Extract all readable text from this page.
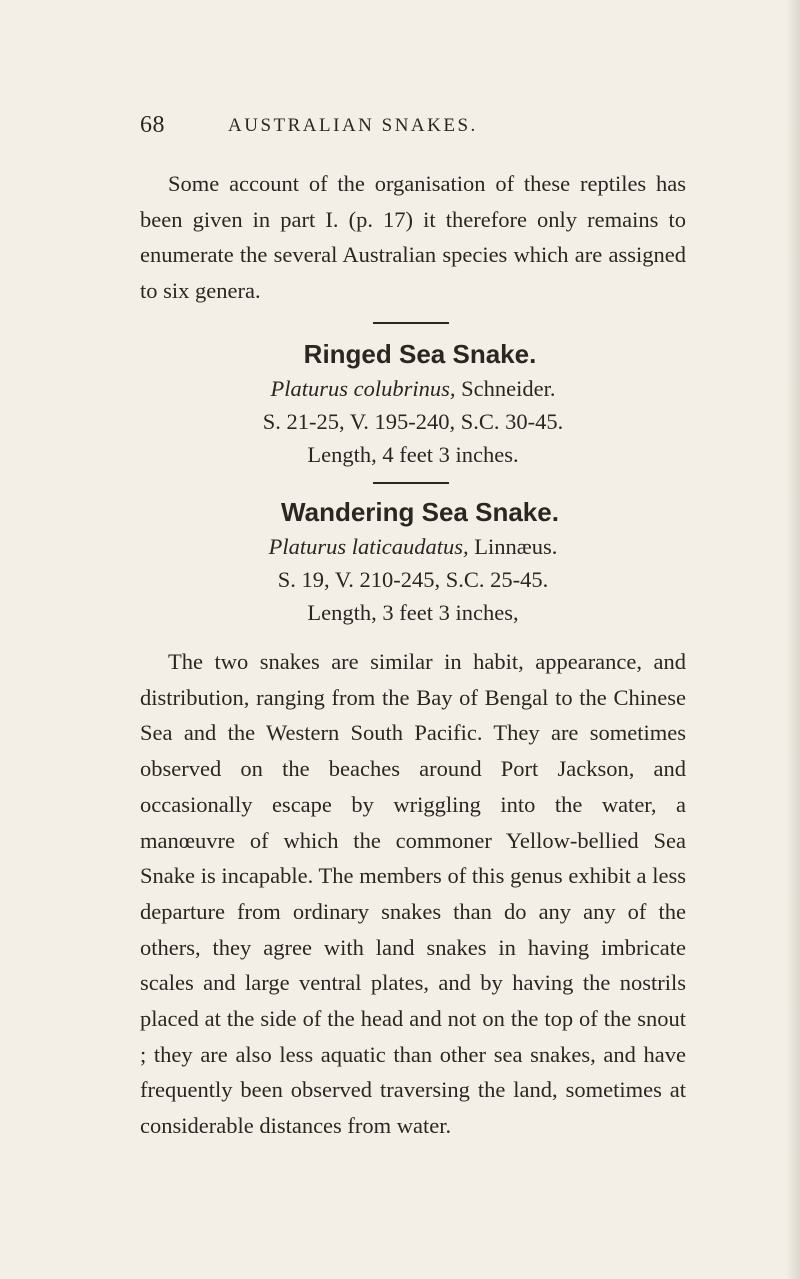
68	AUSTRALIAN SNAKES.

Some account of the organisation of these reptiles has been given in part I. (p. 17) it therefore only remains to enumerate the several Australian species which are assigned to six genera.

Ringed Sea Snake.
Platurus colubrinus, Schneider.
S. 21-25, V. 195-240, S.C. 30-45.
Length, 4 feet 3 inches.
Wandering Sea Snake.
Platurus laticaudatus, Linnæus.
S. 19, V. 210-245, S.C. 25-45.
Length, 3 feet 3 inches,

The two snakes are similar in habit, appearance, and distribution, ranging from the Bay of Bengal to the Chinese Sea and the Western South Pacific. They are sometimes observed on the beaches around Port Jackson, and occasionally escape by wriggling into the water, a manœuvre of which the commoner Yellow-bellied Sea Snake is incapable. The members of this genus exhibit a less departure from ordinary snakes than do any any of the others, they agree with land snakes in having imbricate scales and large ventral plates, and by having the nostrils placed at the side of the head and not on the top of the snout ; they are also less aquatic than other sea snakes, and have frequently been observed traversing the land, sometimes at considerable distances from water.
